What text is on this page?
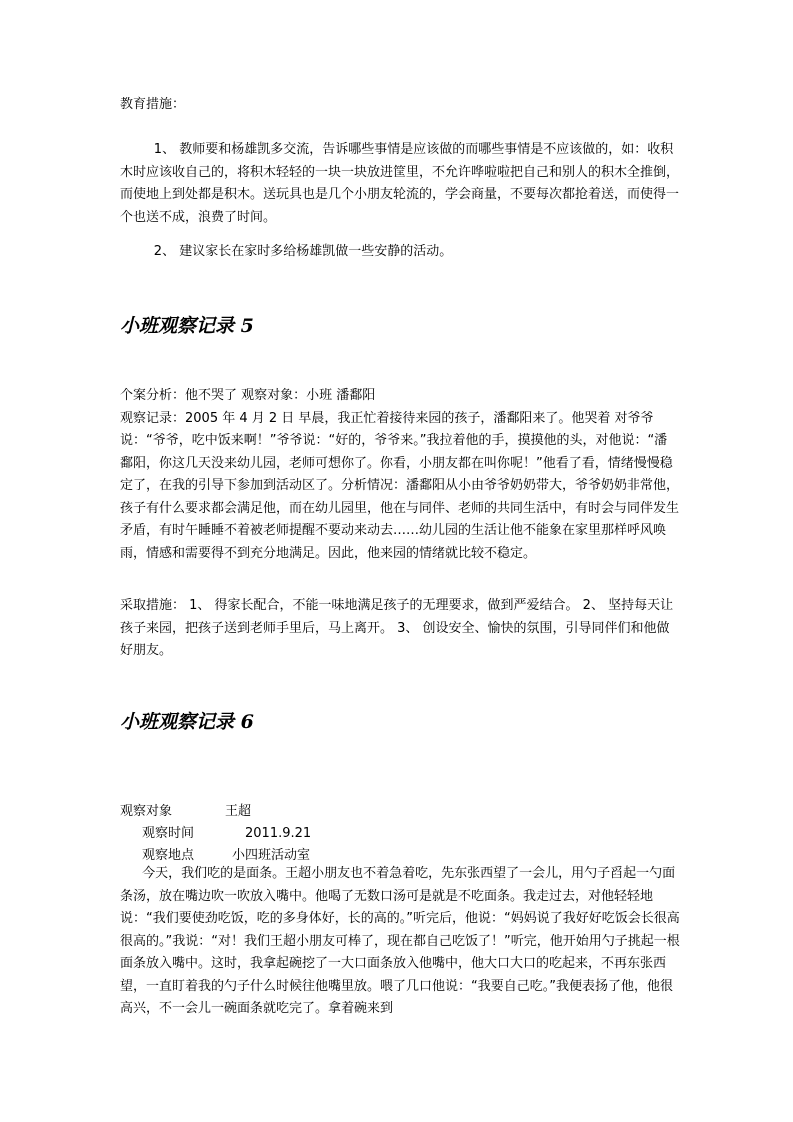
教育措施：

1、 教师要和杨雄凯多交流，告诉哪些事情是应该做的而哪些事情是不应该做的，如：收积木时应该收自己的，将积木轻轻的一块一块放进筐里，不允许哗啦啦把自己和别人的积木全推倒，而使地上到处都是积木。送玩具也是几个小朋友轮流的，学会商量，不要每次都抢着送，而使得一个也送不成，浪费了时间。

2、 建议家长在家时多给杨雄凯做一些安静的活动。

小班观察记录 5

个案分析：他不哭了 观察对象：小班 潘鄱阳
观察记录：2005 年 4 月 2 日 早晨，我正忙着接待来园的孩子，潘鄱阳来了。他哭着 对爷爷说：“爷爷，吃中饭来啊！”爷爷说：“好的，爷爷来。”我拉着他的手，摸摸他的头，对他说：“潘鄱阳，你这几天没来幼儿园，老师可想你了。你看，小朋友都在叫你呢！”他看了看，情绪慢慢稳定了，在我的引导下参加到活动区了。分析情况：潘鄱阳从小由爷爷奶奶带大，爷爷奶奶非常他，孩子有什么要求都会满足他，而在幼儿园里，他在与同伴、老师的共同生活中，有时会与同伴发生矛盾，有时午睡睡不着被老师提醒不要动来动去……幼儿园的生活让他不能象在家里那样呼风唤雨，情感和需要得不到充分地满足。因此，他来园的情绪就比较不稳定。

采取措施： 1、 得家长配合，不能一味地满足孩子的无理要求，做到严爱结合。 2、 坚持每天让孩子来园，把孩子送到老师手里后，马上离开。 3、 创设安全、愉快的氛围，引导同伴们和他做好朋友。

小班观察记录 6
观察对象	王超
观察时间	2011.9.21
观察地点	小四班活动室

今天，我们吃的是面条。王超小朋友也不着急着吃，先东张西望了一会儿，用勺子舀起一勺面条汤，放在嘴边吹一吹放入嘴中。他喝了无数口汤可是就是不吃面条。我走过去，对他轻轻地说：“我们要使劲吃饭，吃的多身体好，长的高的。”听完后，他说：“妈妈说了我好好吃饭会长很高很高的。”我说：“对！我们王超小朋友可棒了，现在都自己吃饭了！”听完，他开始用勺子挑起一根面条放入嘴中。这时，我拿起碗挖了一大口面条放入他嘴中，他大口大口的吃起来，不再东张西望，一直盯着我的勺子什么时候往他嘴里放。喂了几口他说：“我要自己吃。”我便表扬了他，他很高兴，不一会儿一碗面条就吃完了。拿着碗来到
